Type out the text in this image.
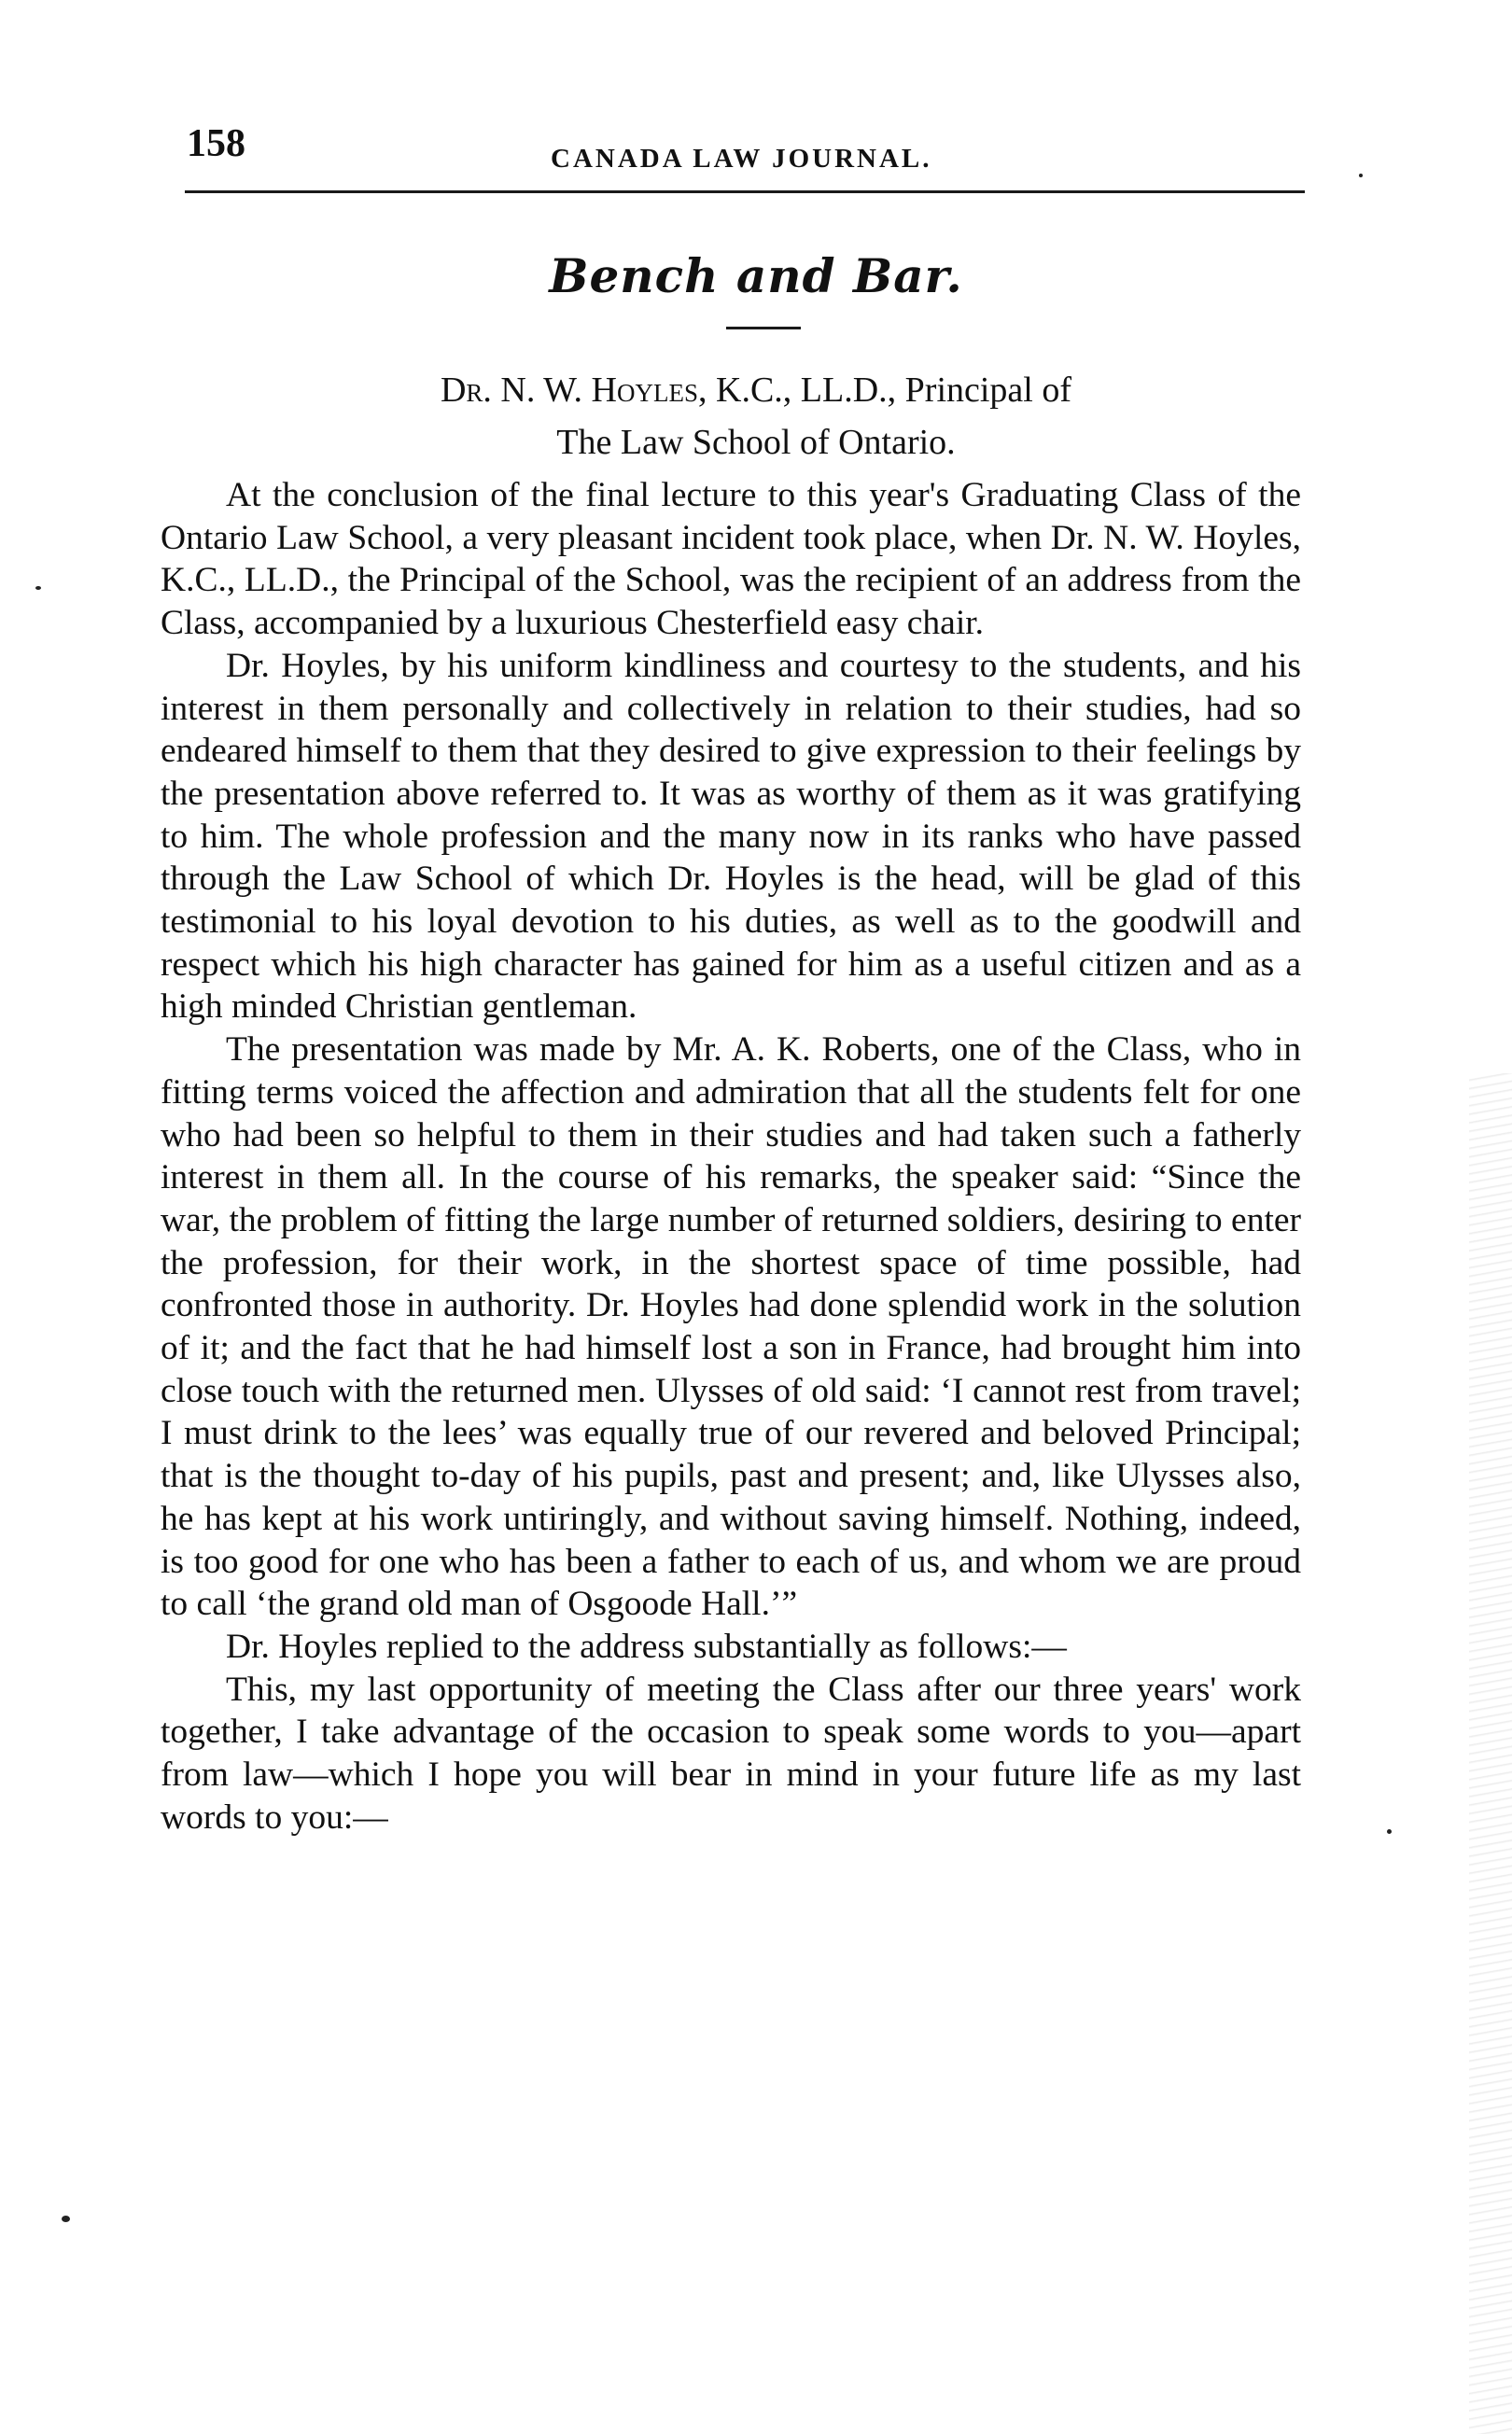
158	CANADA LAW JOURNAL.
Bench and Bar.
Dr. N. W. Hoyles, K.C., LL.D., Principal of
The Law School of Ontario.

At the conclusion of the final lecture to this year's Graduating Class of the Ontario Law School, a very pleasant incident took place, when Dr. N. W. Hoyles, K.C., LL.D., the Principal of the School, was the recipient of an address from the Class, accompanied by a luxurious Chesterfield easy chair.

Dr. Hoyles, by his uniform kindliness and courtesy to the students, and his interest in them personally and collectively in relation to their studies, had so endeared himself to them that they desired to give expression to their feelings by the presentation above referred to. It was as worthy of them as it was gratifying to him. The whole profession and the many now in its ranks who have passed through the Law School of which Dr. Hoyles is the head, will be glad of this testimonial to his loyal devotion to his duties, as well as to the goodwill and respect which his high character has gained for him as a useful citizen and as a high minded Christian gentleman.

The presentation was made by Mr. A. K. Roberts, one of the Class, who in fitting terms voiced the affection and admiration that all the students felt for one who had been so helpful to them in their studies and had taken such a fatherly interest in them all. In the course of his remarks, the speaker said: “Since the war, the problem of fitting the large number of returned soldiers, desiring to enter the profession, for their work, in the shortest space of time possible, had confronted those in authority. Dr. Hoyles had done splendid work in the solution of it; and the fact that he had himself lost a son in France, had brought him into close touch with the returned men. Ulysses of old said: ‘I cannot rest from travel; I must drink to the lees’ was equally true of our revered and beloved Principal; that is the thought to-day of his pupils, past and present; and, like Ulysses also, he has kept at his work untiringly, and without saving himself. Nothing, indeed, is too good for one who has been a father to each of us, and whom we are proud to call ‘the grand old man of Osgoode Hall.’”

Dr. Hoyles replied to the address substantially as follows:—

This, my last opportunity of meeting the Class after our three years' work together, I take advantage of the occasion to speak some words to you—apart from law—which I hope you will bear in mind in your future life as my last words to you:—
